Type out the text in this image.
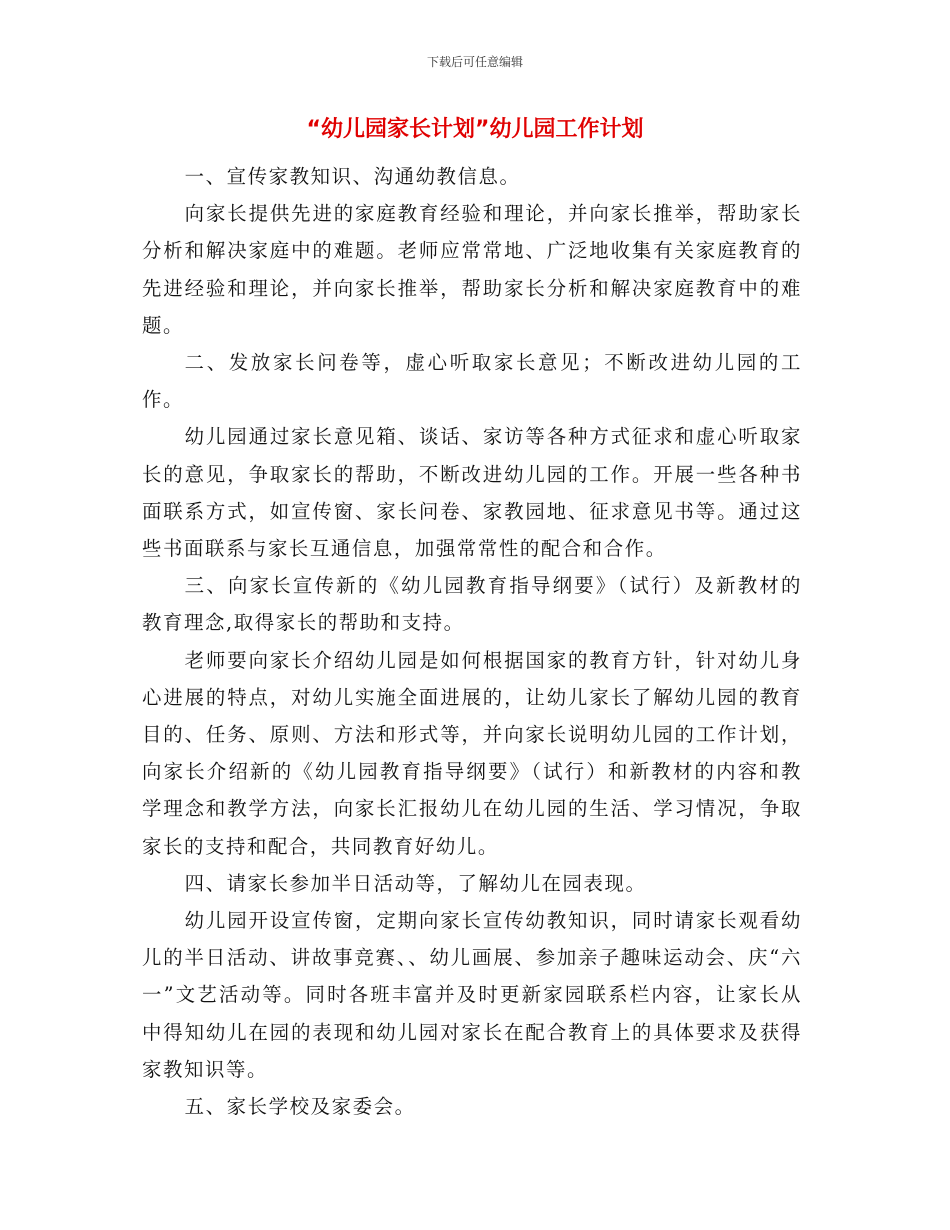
下载后可任意编辑
“幼儿园家长计划”幼儿园工作计划

一、宣传家教知识、沟通幼教信息。

向家长提供先进的家庭教育经验和理论，并向家长推举，帮助家长分析和解决家庭中的难题。老师应常常地、广泛地收集有关家庭教育的先进经验和理论，并向家长推举，帮助家长分析和解决家庭教育中的难题。

二、发放家长问卷等，虚心听取家长意见；不断改进幼儿园的工作。

幼儿园通过家长意见箱、谈话、家访等各种方式征求和虚心听取家长的意见，争取家长的帮助，不断改进幼儿园的工作。开展一些各种书面联系方式，如宣传窗、家长问卷、家教园地、征求意见书等。通过这些书面联系与家长互通信息，加强常常性的配合和合作。

三、向家长宣传新的《幼儿园教育指导纲要》（试行）及新教材的教育理念,取得家长的帮助和支持。

老师要向家长介绍幼儿园是如何根据国家的教育方针，针对幼儿身心进展的特点，对幼儿实施全面进展的，让幼儿家长了解幼儿园的教育目的、任务、原则、方法和形式等，并向家长说明幼儿园的工作计划，向家长介绍新的《幼儿园教育指导纲要》（试行）和新教材的内容和教学理念和教学方法，向家长汇报幼儿在幼儿园的生活、学习情况，争取家长的支持和配合，共同教育好幼儿。

四、请家长参加半日活动等，了解幼儿在园表现。

幼儿园开设宣传窗，定期向家长宣传幼教知识，同时请家长观看幼儿的半日活动、讲故事竞赛、、幼儿画展、参加亲子趣味运动会、庆“六一”文艺活动等。同时各班丰富并及时更新家园联系栏内容，让家长从中得知幼儿在园的表现和幼儿园对家长在配合教育上的具体要求及获得家教知识等。

五、家长学校及家委会。
